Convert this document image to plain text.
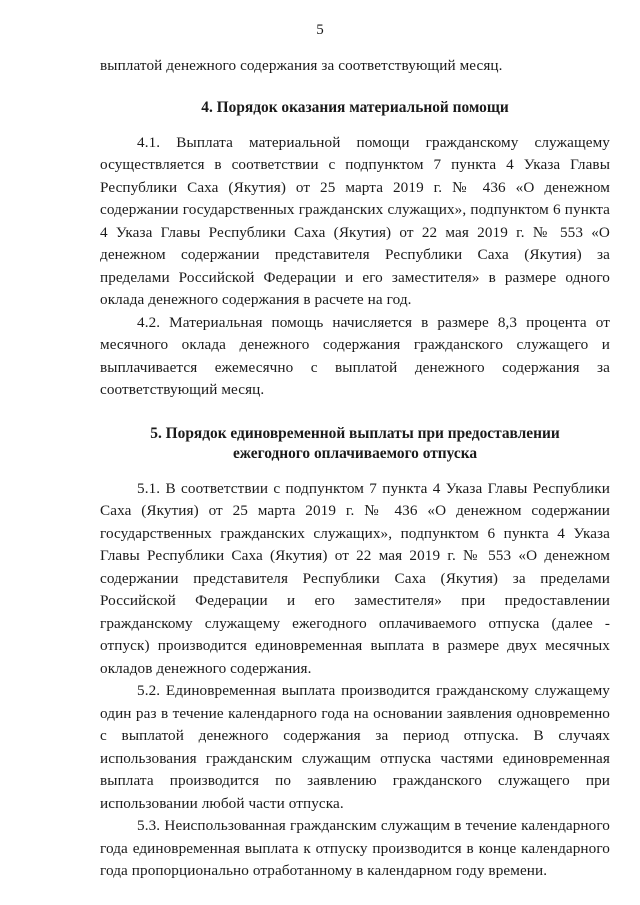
5

выплатой денежного содержания за соответствующий месяц.

4. Порядок оказания материальной помощи

4.1. Выплата материальной помощи гражданскому служащему осуществляется в соответствии с подпунктом 7 пункта 4 Указа Главы Республики Саха (Якутия) от 25 марта 2019 г. № 436 «О денежном содержании государственных гражданских служащих», подпунктом 6 пункта 4 Указа Главы Республики Саха (Якутия) от 22 мая 2019 г. № 553 «О денежном содержании представителя Республики Саха (Якутия) за пределами Российской Федерации и его заместителя» в размере одного оклада денежного содержания в расчете на год.

4.2. Материальная помощь начисляется в размере 8,3 процента от месячного оклада денежного содержания гражданского служащего и выплачивается ежемесячно с выплатой денежного содержания за соответствующий месяц.

5. Порядок единовременной выплаты при предоставлении
ежегодного оплачиваемого отпуска

5.1. В соответствии с подпунктом 7 пункта 4 Указа Главы Республики Саха (Якутия) от 25 марта 2019 г. № 436 «О денежном содержании государственных гражданских служащих», подпунктом 6 пункта 4 Указа Главы Республики Саха (Якутия) от 22 мая 2019 г. № 553 «О денежном содержании представителя Республики Саха (Якутия) за пределами Российской Федерации и его заместителя» при предоставлении гражданскому служащему ежегодного оплачиваемого отпуска (далее - отпуск) производится единовременная выплата в размере двух месячных окладов денежного содержания.

5.2. Единовременная выплата производится гражданскому служащему один раз в течение календарного года на основании заявления одновременно с выплатой денежного содержания за период отпуска. В случаях использования гражданским служащим отпуска частями единовременная выплата производится по заявлению гражданского служащего при использовании любой части отпуска.

5.3. Неиспользованная гражданским служащим в течение календарного года единовременная выплата к отпуску производится в конце календарного года пропорционально отработанному в календарном году времени.
